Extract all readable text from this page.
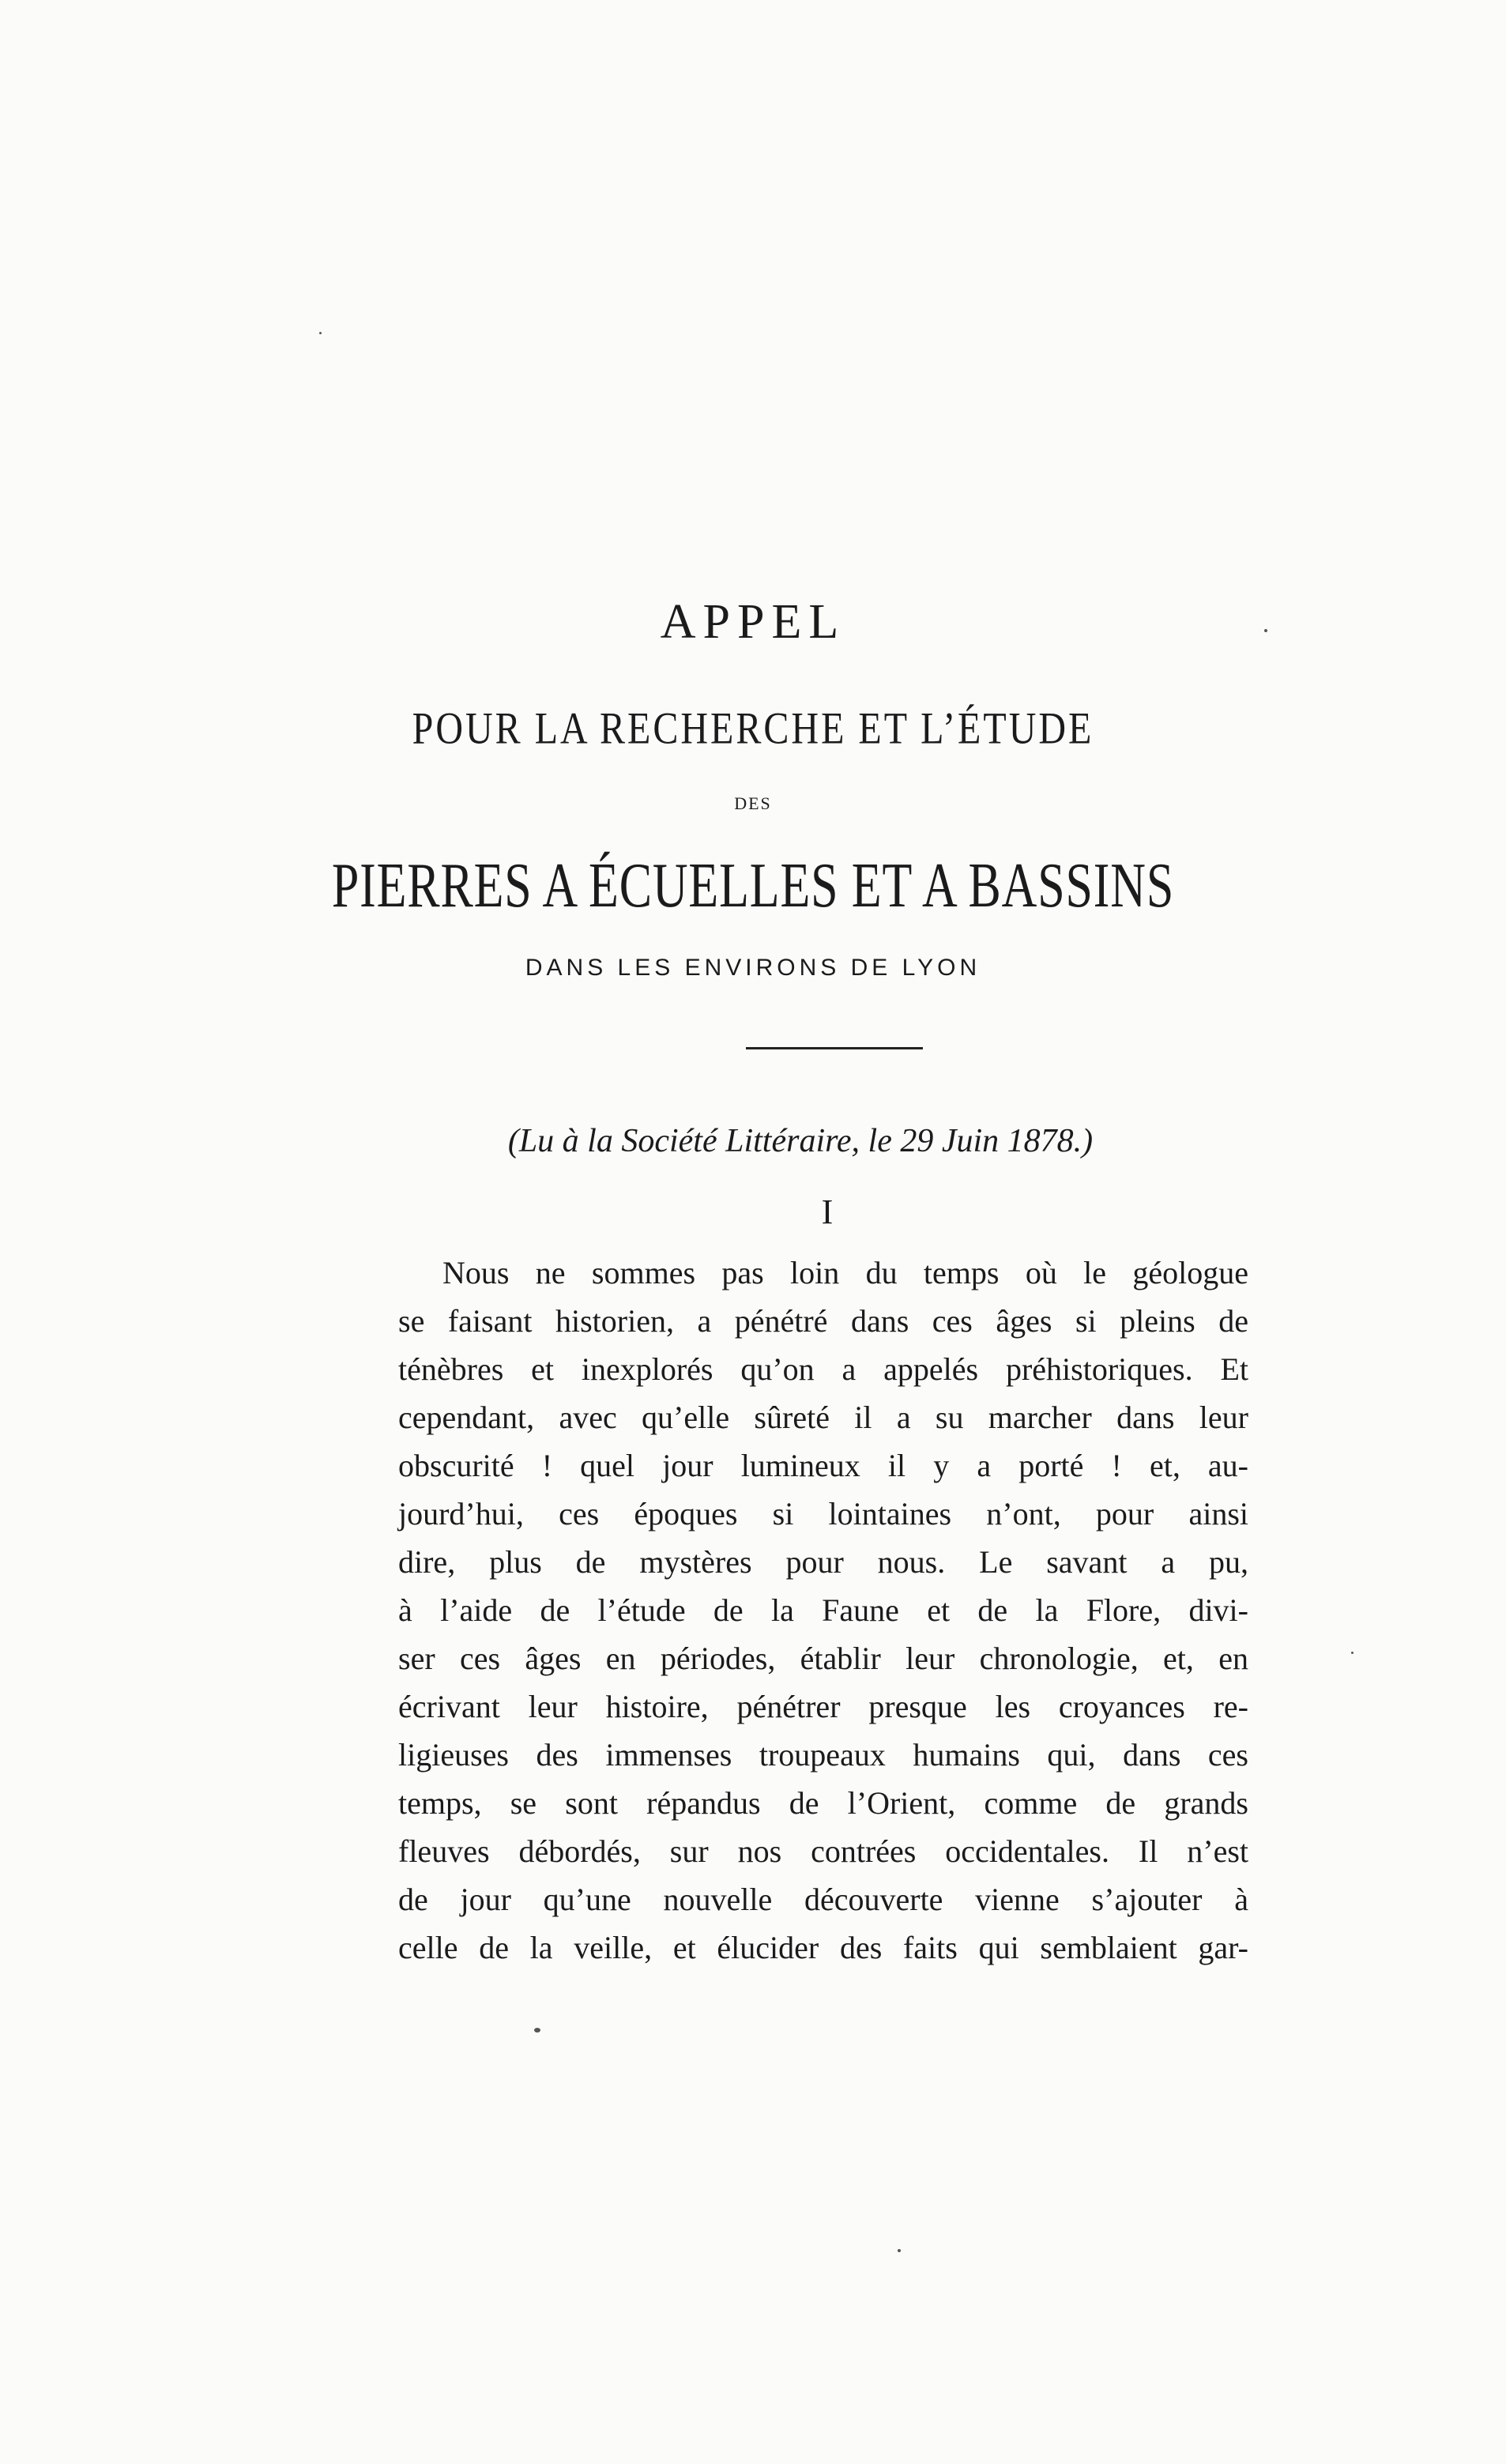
APPEL
POUR LA RECHERCHE ET L’ÉTUDE
DES
PIERRES A ÉCUELLES ET A BASSINS
DANS LES ENVIRONS DE LYON
(Lu à la Société Littéraire, le 29 Juin 1878.)
I
Nous ne sommes pas loin du temps où le géologue
se faisant historien, a pénétré dans ces âges si pleins de
ténèbres et inexplorés qu’on a appelés préhistoriques. Et
cependant, avec qu’elle sûreté il a su marcher dans leur
obscurité ! quel jour lumineux il y a porté ! et, au-
jourd’hui, ces époques si lointaines n’ont, pour ainsi
dire, plus de mystères pour nous. Le savant a pu,
à l’aide de l’étude de la Faune et de la Flore, divi-
ser ces âges en périodes, établir leur chronologie, et, en
écrivant leur histoire, pénétrer presque les croyances re-
ligieuses des immenses troupeaux humains qui, dans ces
temps, se sont répandus de l’Orient, comme de grands
fleuves débordés, sur nos contrées occidentales. Il n’est
de jour qu’une nouvelle découverte vienne s’ajouter à
celle de la veille, et élucider des faits qui semblaient gar-
